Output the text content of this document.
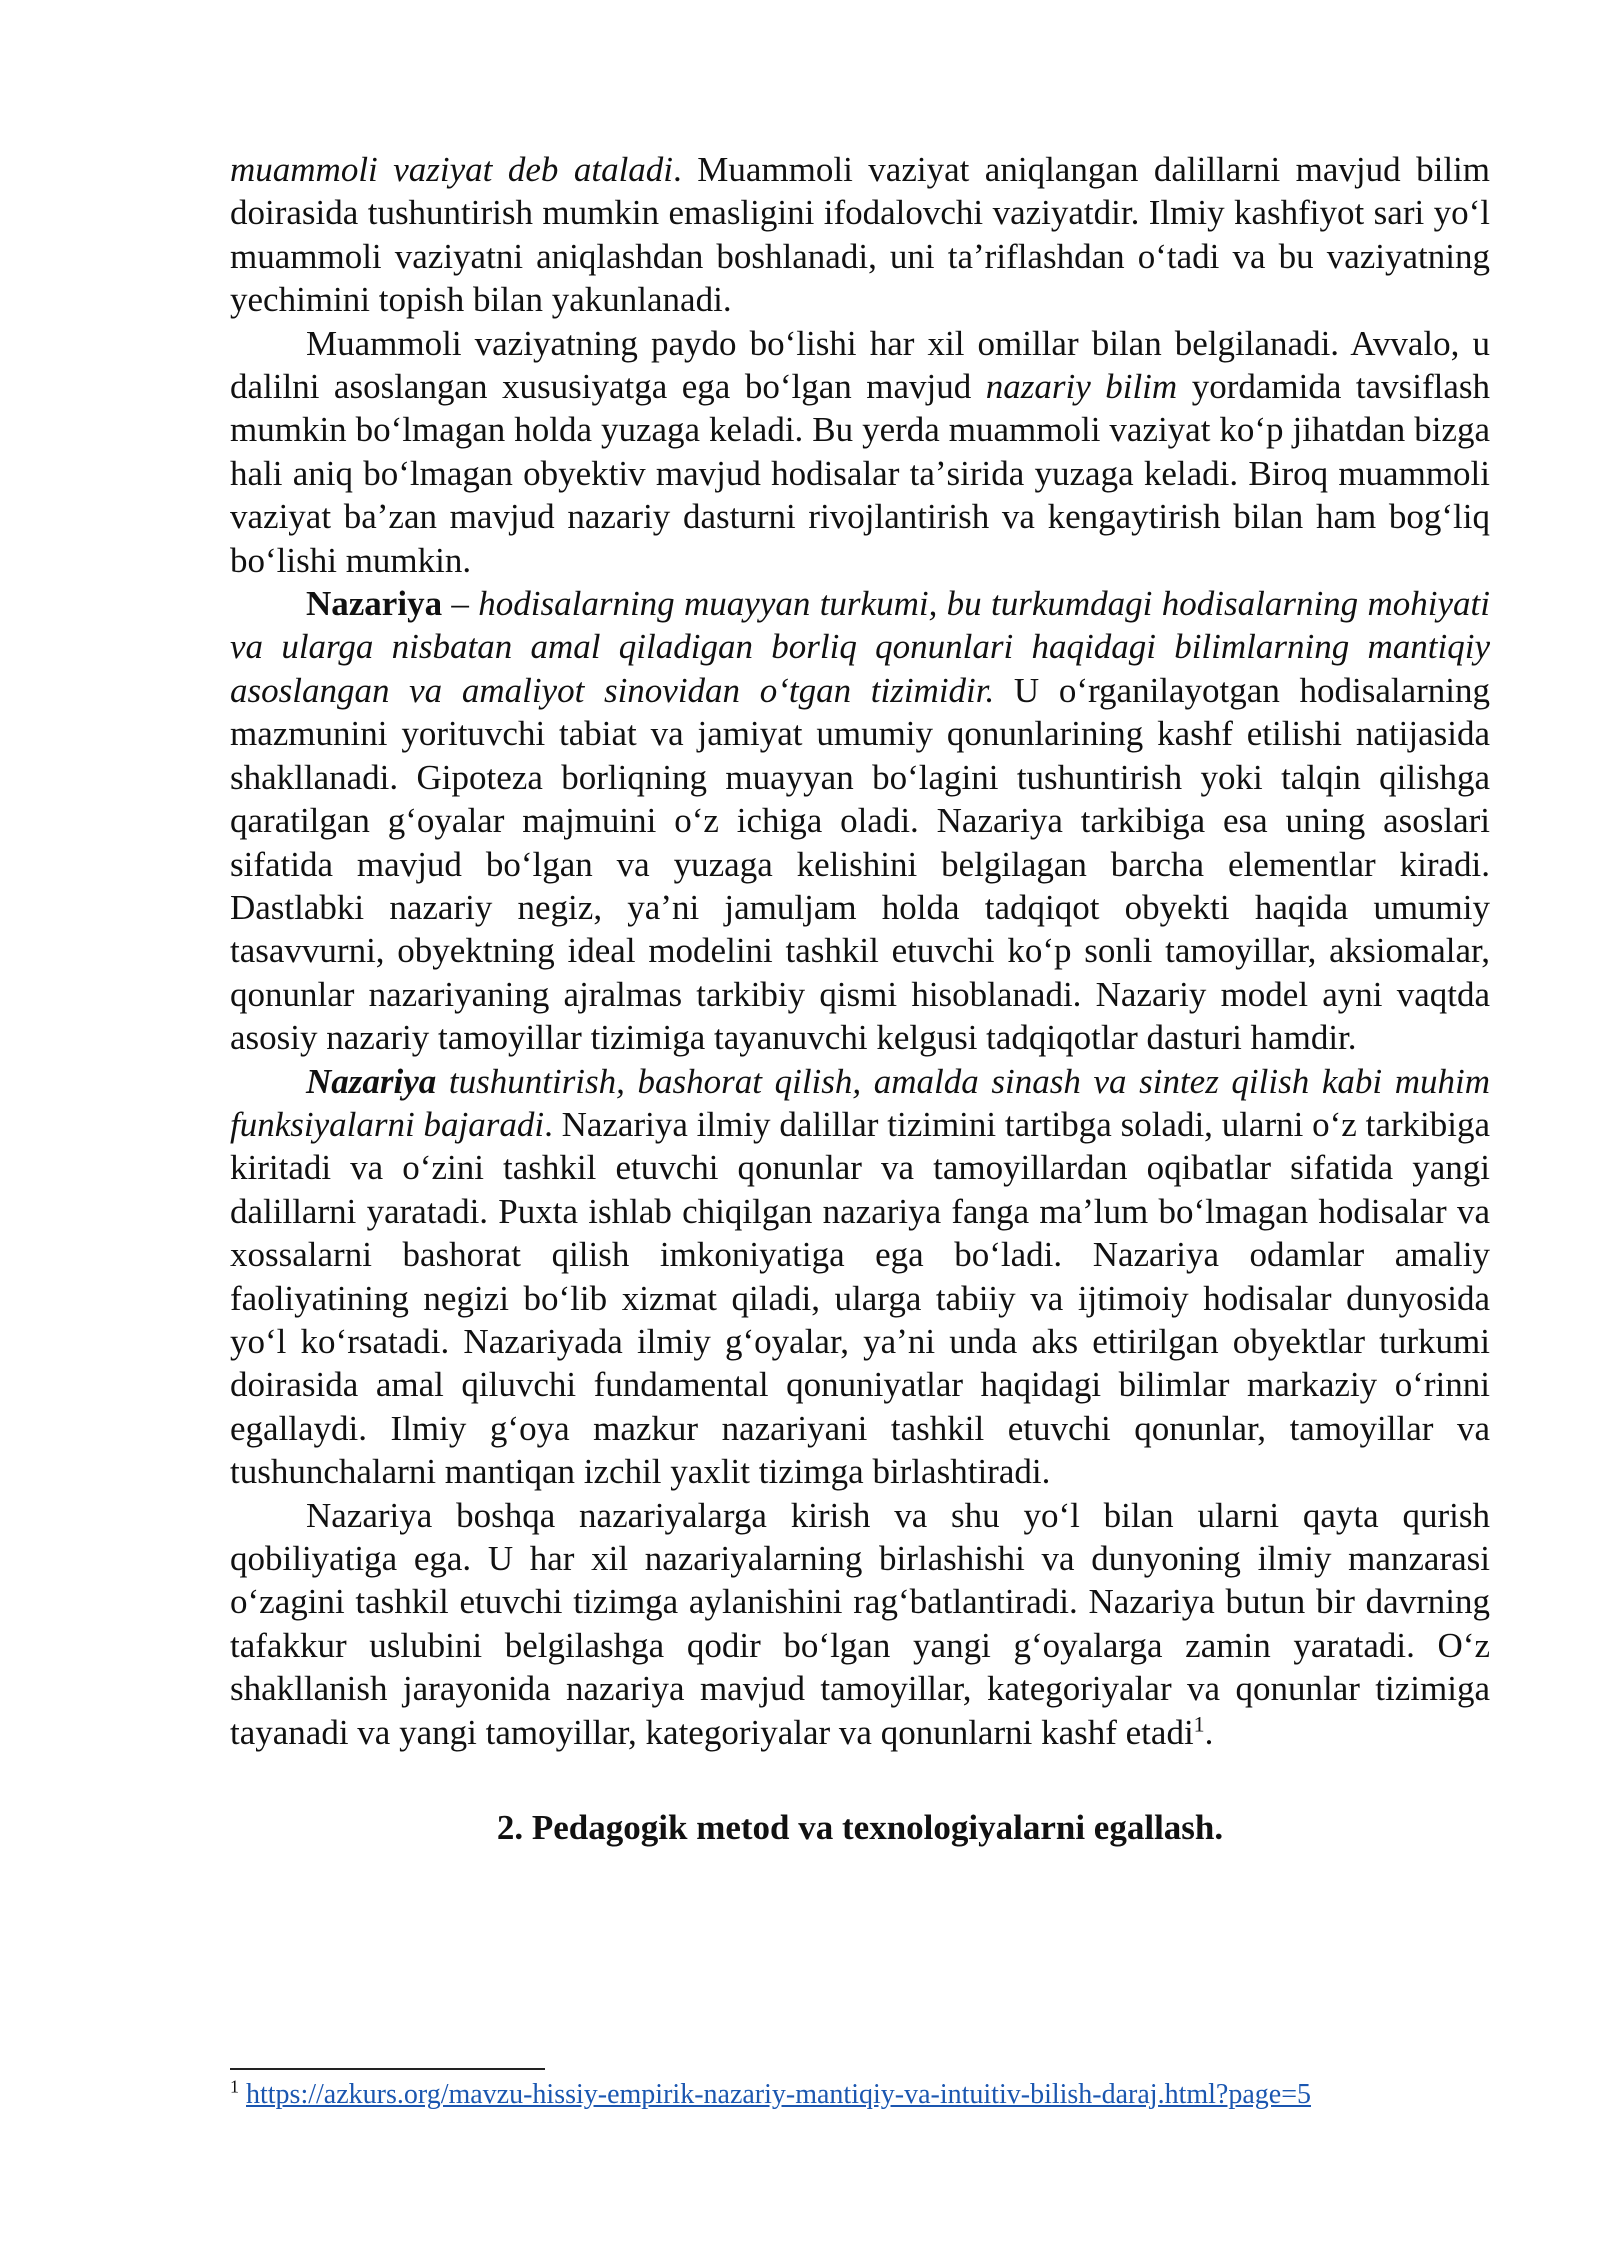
muammoli vaziyat deb ataladi. Muammoli vaziyat aniqlangan dalillarni mavjud bilim doirasida tushuntirish mumkin emasligini ifodalovchi vaziyatdir. Ilmiy kashfiyot sari yoʻl muammoli vaziyatni aniqlashdan boshlanadi, uni taʼriflashdan oʻtadi va bu vaziyatning yechimini topish bilan yakunlanadi.

Muammoli vaziyatning paydo boʻlishi har xil omillar bilan belgilanadi. Avvalo, u dalilni asoslangan xususiyatga ega boʻlgan mavjud nazariy bilim yordamida tavsiflash mumkin boʻlmagan holda yuzaga keladi. Bu yerda muammoli vaziyat koʻp jihatdan bizga hali aniq boʻlmagan obyektiv mavjud hodisalar taʼsirida yuzaga keladi. Biroq muammoli vaziyat baʼzan mavjud nazariy dasturni rivojlantirish va kengaytirish bilan ham bogʻliq boʻlishi mumkin.

Nazariya – hodisalarning muayyan turkumi, bu turkumdagi hodisalarning mohiyati va ularga nisbatan amal qiladigan borliq qonunlari haqidagi bilimlarning mantiqiy asoslangan va amaliyot sinovidan oʻtgan tizimidir. U oʻrganilayotgan hodisalarning mazmunini yorituvchi tabiat va jamiyat umumiy qonunlarining kashf etilishi natijasida shakllanadi. Gipoteza borliqning muayyan boʻlagini tushuntirish yoki talqin qilishga qaratilgan gʻoyalar majmuini oʻz ichiga oladi. Nazariya tarkibiga esa uning asoslari sifatida mavjud boʻlgan va yuzaga kelishini belgilagan barcha elementlar kiradi. Dastlabki nazariy negiz, yaʼni jamuljam holda tadqiqot obyekti haqida umumiy tasavvurni, obyektning ideal modelini tashkil etuvchi koʻp sonli tamoyillar, aksiomalar, qonunlar nazariyaning ajralmas tarkibiy qismi hisoblanadi. Nazariy model ayni vaqtda asosiy nazariy tamoyillar tizimiga tayanuvchi kelgusi tadqiqotlar dasturi hamdir.

Nazariya tushuntirish, bashorat qilish, amalda sinash va sintez qilish kabi muhim funksiyalarni bajaradi. Nazariya ilmiy dalillar tizimini tartibga soladi, ularni oʻz tarkibiga kiritadi va oʻzini tashkil etuvchi qonunlar va tamoyillardan oqibatlar sifatida yangi dalillarni yaratadi. Puxta ishlab chiqilgan nazariya fanga maʼlum boʻlmagan hodisalar va xossalarni bashorat qilish imkoniyatiga ega boʻladi. Nazariya odamlar amaliy faoliyatining negizi boʻlib xizmat qiladi, ularga tabiiy va ijtimoiy hodisalar dunyosida yoʻl koʻrsatadi. Nazariyada ilmiy gʻoyalar, yaʼni unda aks ettirilgan obyektlar turkumi doirasida amal qiluvchi fundamental qonuniyatlar haqidagi bilimlar markaziy oʻrinni egallaydi. Ilmiy gʻoya mazkur nazariyani tashkil etuvchi qonunlar, tamoyillar va tushunchalarni mantiqan izchil yaxlit tizimga birlashtiradi.

Nazariya boshqa nazariyalarga kirish va shu yoʻl bilan ularni qayta qurish qobiliyatiga ega. U har xil nazariyalarning birlashishi va dunyoning ilmiy manzarasi oʻzagini tashkil etuvchi tizimga aylanishini ragʻbatlantiradi. Nazariya butun bir davrning tafakkur uslubini belgilashga qodir boʻlgan yangi gʻoyalarga zamin yaratadi. Oʻz shakllanish jarayonida nazariya mavjud tamoyillar, kategoriyalar va qonunlar tizimiga tayanadi va yangi tamoyillar, kategoriyalar va qonunlarni kashf etadi$^1$.

2. Pedagogik metod va texnologiyalarni egallash.
$^1$ https://azkurs.org/mavzu-hissiy-empirik-nazariy-mantiqiy-va-intuitiv-bilish-daraj.html?page=5
